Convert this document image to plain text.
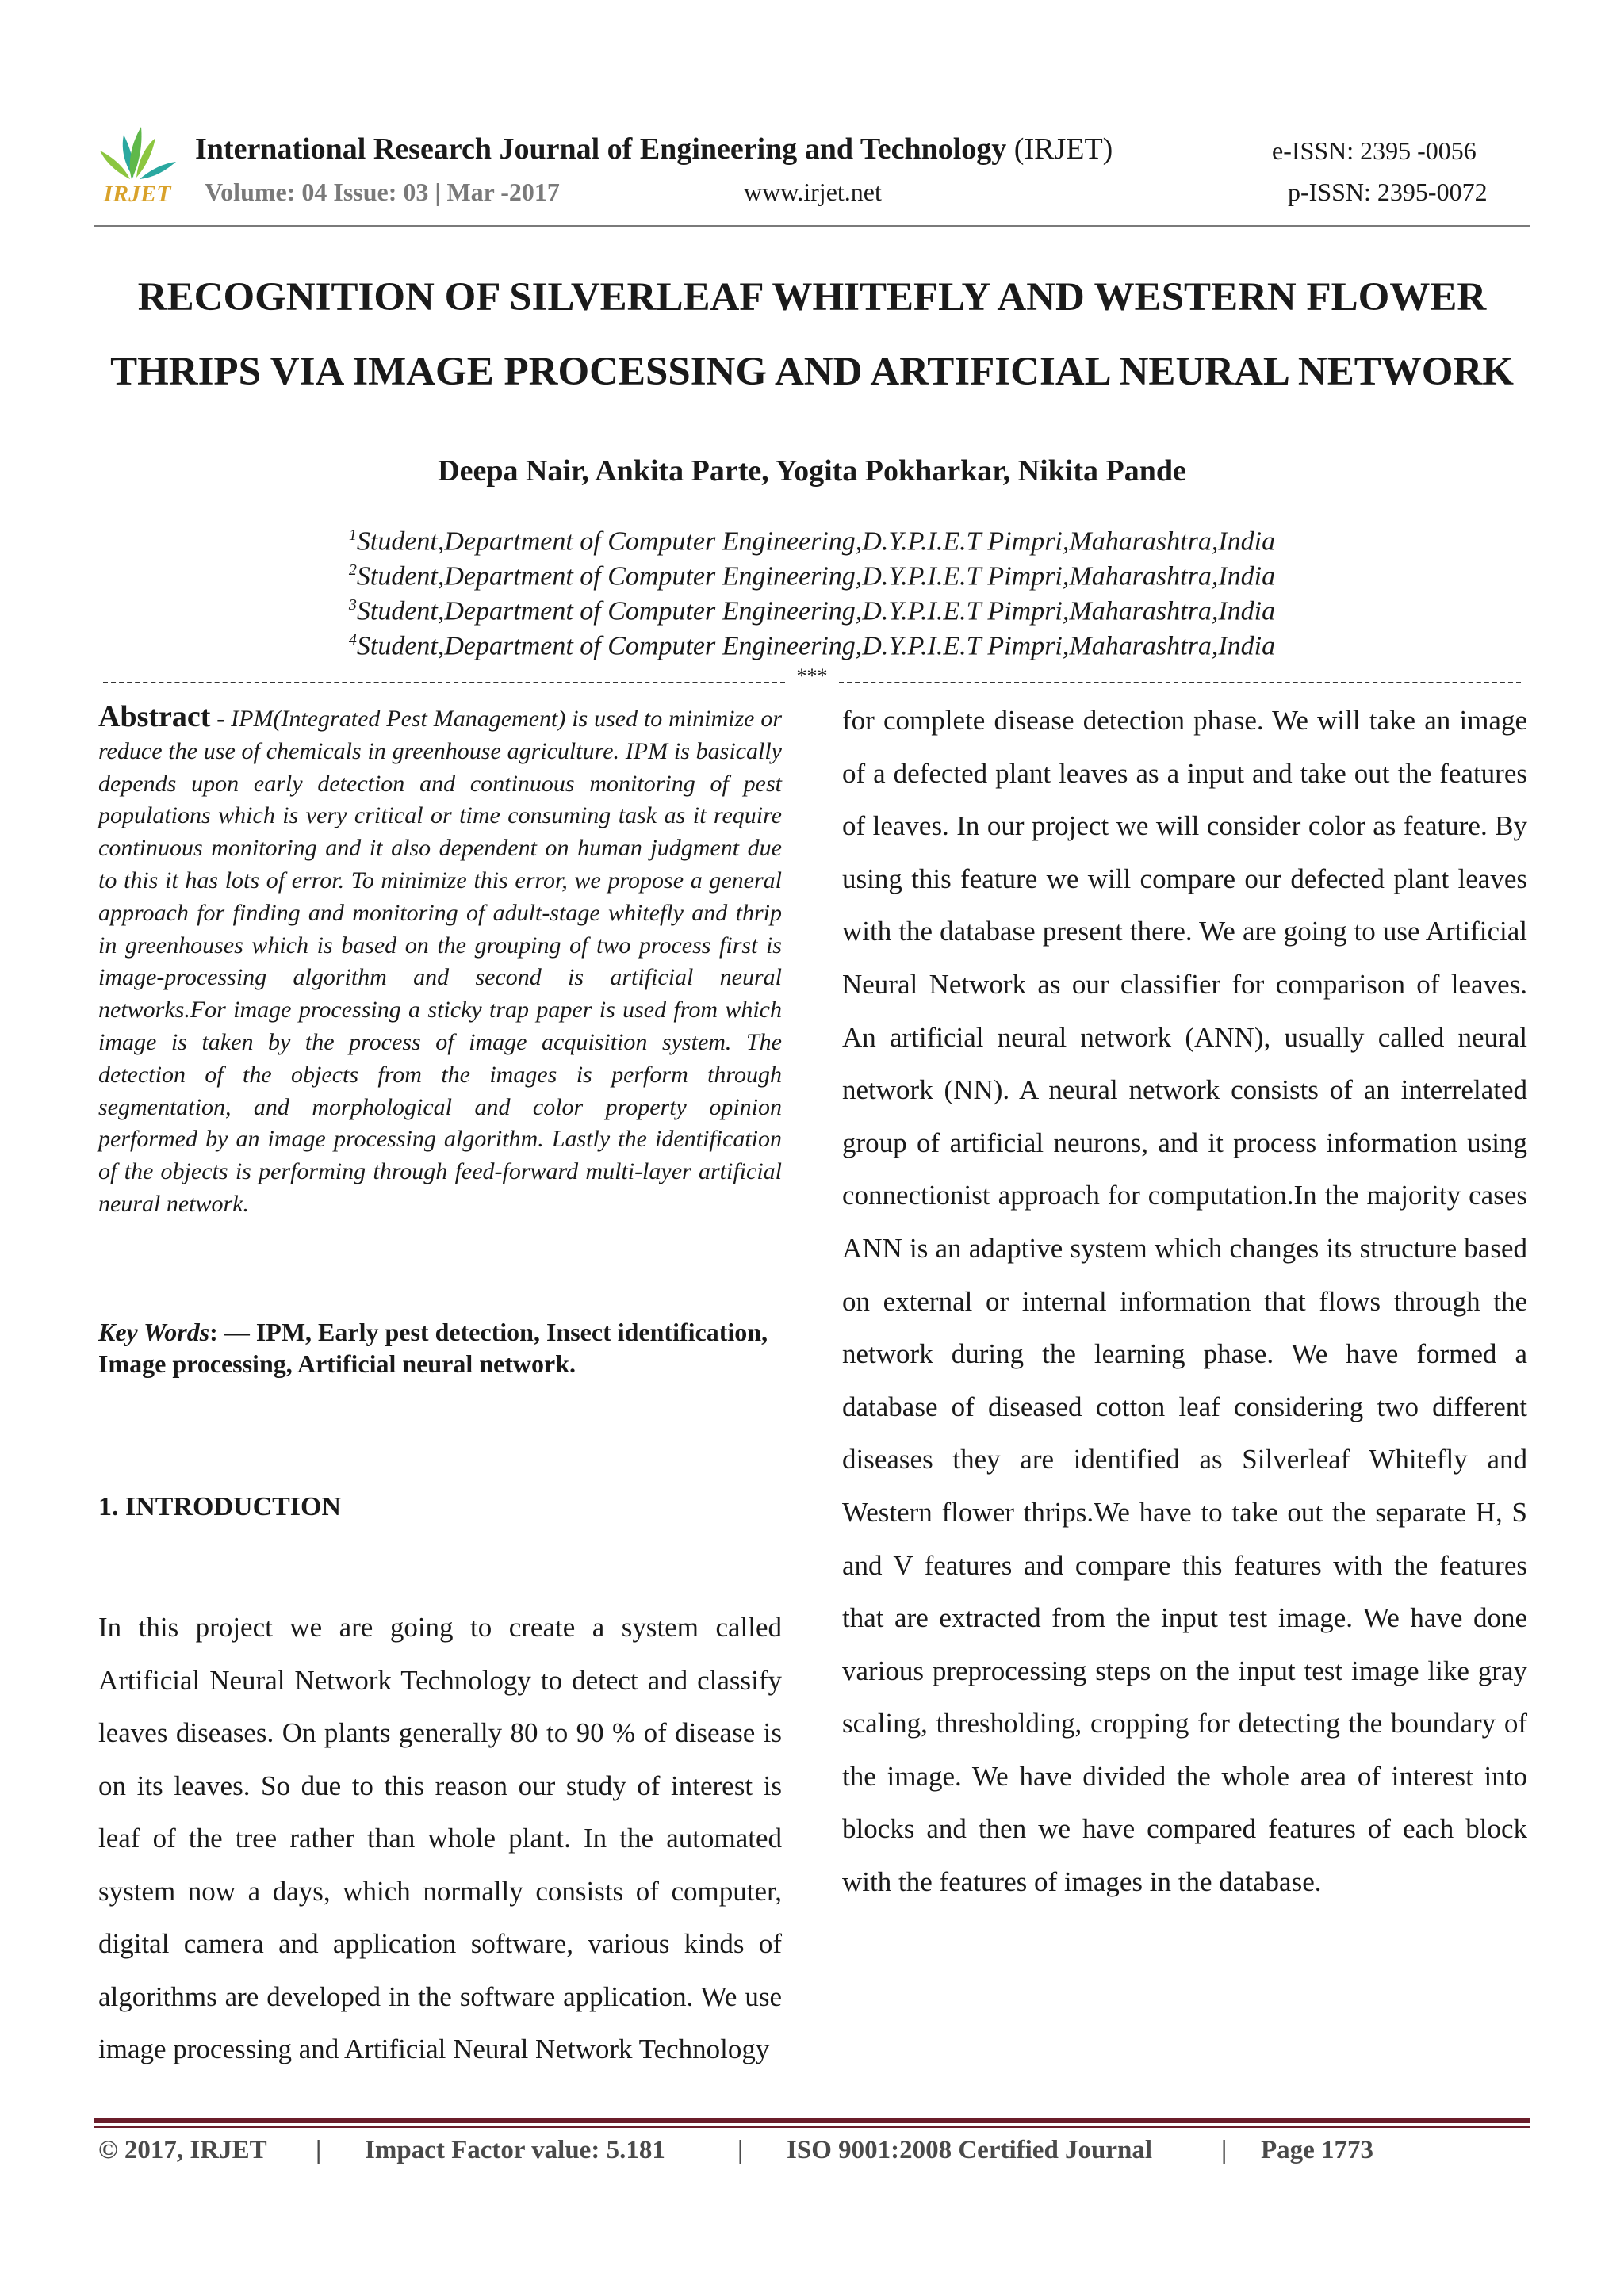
IRJET
International Research Journal of Engineering and Technology (IRJET)	e-ISSN: 2395 -0056
Volume: 04 Issue: 03 | Mar -2017	www.irjet.net	p-ISSN: 2395-0072
RECOGNITION OF SILVERLEAF WHITEFLY AND WESTERN FLOWER
THRIPS VIA IMAGE PROCESSING AND ARTIFICIAL NEURAL NETWORK
Deepa Nair, Ankita Parte, Yogita Pokharkar, Nikita Pande
$^1$Student,Department of Computer Engineering,D.Y.P.I.E.T Pimpri,Maharashtra,India
$^2$Student,Department of Computer Engineering,D.Y.P.I.E.T Pimpri,Maharashtra,India
$^3$Student,Department of Computer Engineering,D.Y.P.I.E.T Pimpri,Maharashtra,India
$^4$Student,Department of Computer Engineering,D.Y.P.I.E.T Pimpri,Maharashtra,India
***
Abstract - IPM(Integrated Pest Management) is used to minimize or reduce the use of chemicals in greenhouse agriculture. IPM is basically depends upon early detection and continuous monitoring of pest populations which is very critical or time consuming task as it require continuous monitoring and it also dependent on human judgment due to this it has lots of error. To minimize this error, we propose a general approach for finding and monitoring of adult-stage whitefly and thrip in greenhouses which is based on the grouping of two process first is image-processing algorithm and second is artificial neural networks.For image processing a sticky trap paper is used from which image is taken by the process of image acquisition system. The detection of the objects from the images is perform through segmentation, and morphological and color property opinion performed by an image processing algorithm. Lastly the identification of the objects is performing through feed-forward multi-layer artificial neural network.
Key Words: — IPM, Early pest detection, Insect identification, Image processing, Artificial neural network.
1. INTRODUCTION
In this project we are going to create a system called Artificial Neural Network Technology to detect and classify leaves diseases. On plants generally 80 to 90 % of disease is on its leaves. So due to this reason our study of interest is leaf of the tree rather than whole plant. In the automated system now a days, which normally consists of computer, digital camera and application software, various kinds of algorithms are developed in the software application. We use image processing and Artificial Neural Network Technology
for complete disease detection phase. We will take an image of a defected plant leaves as a input and take out the features of leaves. In our project we will consider color as feature. By using this feature we will compare our defected plant leaves with the database present there. We are going to use Artificial Neural Network as our classifier for comparison of leaves. An artificial neural network (ANN), usually called neural network (NN). A neural network consists of an interrelated group of artificial neurons, and it process information using connectionist approach for computation.In the majority cases ANN is an adaptive system which changes its structure based on external or internal information that flows through the network during the learning phase. We have formed a database of diseased cotton leaf considering two different diseases they are identified as Silverleaf Whitefly and Western flower thrips.We have to take out the separate H, S and V features and compare this features with the features that are extracted from the input test image. We have done various preprocessing steps on the input test image like gray scaling, thresholding, cropping for detecting the boundary of the image. We have divided the whole area of interest into blocks and then we have compared features of each block with the features of images in the database.
© 2017, IRJET | Impact Factor value: 5.181	| ISO 9001:2008 Certified Journal	| Page 1773
